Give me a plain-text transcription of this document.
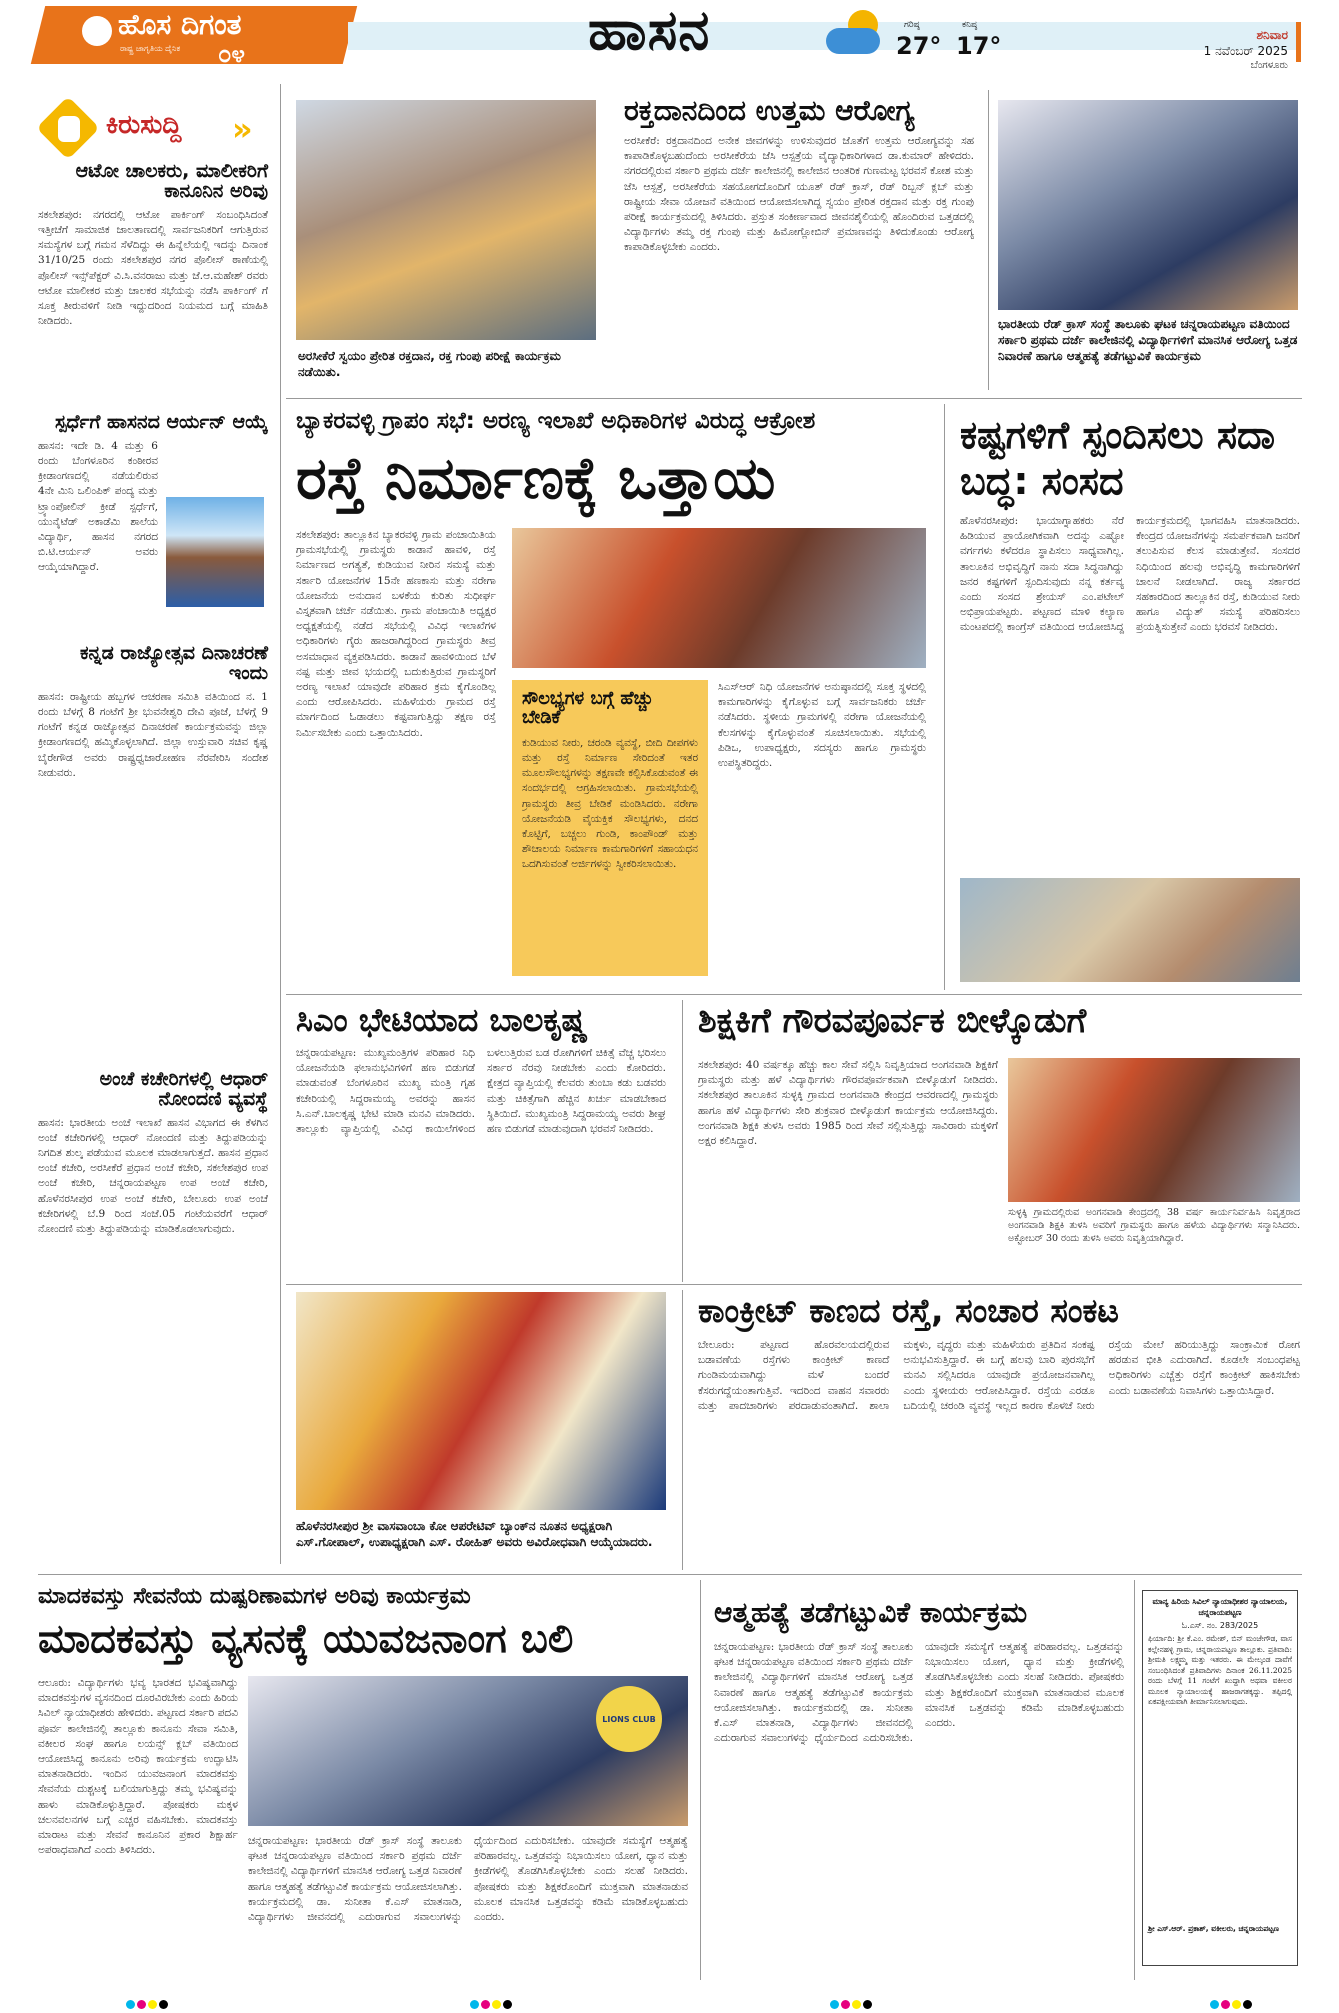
ಹೊಸ ದಿಗಂತ
ರಾಷ್ಟ್ರ ಜಾಗೃತಿಯ ದೈನಿಕ ೦೪	ಹಾಸನ	ಗರಿಷ್ಠ
27°
ಕನಿಷ್ಠ
17°	ಶನಿವಾರ
1 ನವೆಂಬರ್ 2025
ಬೆಂಗಳೂರು
ಕಿರುಸುದ್ದಿ »
ಆಟೋ ಚಾಲಕರು, ಮಾಲೀಕರಿಗೆ ಕಾನೂನಿನ ಅರಿವು
ಸಕಲೇಶಪುರ: ನಗರದಲ್ಲಿ ಆಟೋ ಪಾರ್ಕಿಂಗ್ ಸಂಬಂಧಿಸಿದಂತೆ ಇತ್ತೀಚೆಗೆ ಸಾಮಾಜಿಕ ಜಾಲತಾಣದಲ್ಲಿ ಸಾರ್ವಜನಿಕರಿಗೆ ಆಗುತ್ತಿರುವ ಸಮಸ್ಯೆಗಳ ಬಗ್ಗೆ ಗಮನ ಸೆಳೆದಿದ್ದು ಈ ಹಿನ್ನೆಲೆಯಲ್ಲಿ ಇದನ್ನು ದಿನಾಂಕ 31/10/25 ರಂದು ಸಕಲೇಶಪುರ ನಗರ ಪೊಲೀಸ್ ಠಾಣೆಯಲ್ಲಿ ಪೊಲೀಸ್ ಇನ್ಸ್‌ಪೆಕ್ಟರ್ ವಿ.ಸಿ.ವನರಾಜು ಮತ್ತು ಜೆ.ಆ.ಮಹೇಶ್ ರವರು ಆಟೋ ಮಾಲೀಕರ ಮತ್ತು ಚಾಲಕರ ಸಭೆಯನ್ನು ನಡೆಸಿ ಪಾರ್ಕಿಂಗ್ ಗೆ ಸೂಕ್ತ ತೀರುವಳಿಗೆ ನೀಡಿ ಇದ್ದುದರಿಂದ ನಿಯಮದ ಬಗ್ಗೆ ಮಾಹಿತಿ ನೀಡಿದರು.
ಸ್ಪರ್ಧೆಗೆ ಹಾಸನದ ಆರ್ಯನ್ ಆಯ್ಕೆ
ಹಾಸನ: ಇದೇ ಡಿ. 4 ಮತ್ತು 6 ರಂದು ಬೆಂಗಳೂರಿನ ಕಂಠೀರವ ಕ್ರೀಡಾಂಗಣದಲ್ಲಿ ನಡೆಯಲಿರುವ 4ನೇ ಮಿನಿ ಒಲಿಂಪಿಕ್ ಪಂದ್ಯ ಮತ್ತು ಟ್ರ್ಯಾಂಪೋಲಿನ್ ಕ್ರೀಡೆ ಸ್ಪರ್ಧೆಗೆ, ಯುನೈಟೆಡ್ ಅಕಾಡೆಮಿ ಶಾಲೆಯ ವಿದ್ಯಾರ್ಥಿ, ಹಾಸನ ನಗರದ ಬಿ.ಟಿ.ಆರ್ಯನ್ ಅವರು ಆಯ್ಕೆಯಾಗಿದ್ದಾರೆ.
ಕನ್ನಡ ರಾಜ್ಯೋತ್ಸವ ದಿನಾಚರಣೆ ಇಂದು
ಹಾಸನ: ರಾಷ್ಟ್ರೀಯ ಹಬ್ಬಗಳ ಆಚರಣಾ ಸಮಿತಿ ವತಿಯಿಂದ ನ. 1 ರಂದು ಬೆಳಗ್ಗೆ 8 ಗಂಟೆಗೆ ಶ್ರೀ ಭುವನೇಶ್ವರಿ ದೇವಿ ಪೂಜೆ, ಬೆಳಗ್ಗೆ 9 ಗಂಟೆಗೆ ಕನ್ನಡ ರಾಜ್ಯೋತ್ಸವ ದಿನಾಚರಣೆ ಕಾರ್ಯಕ್ರಮವನ್ನು ಜಿಲ್ಲಾ ಕ್ರೀಡಾಂಗಣದಲ್ಲಿ ಹಮ್ಮಿಕೊಳ್ಳಲಾಗಿದೆ. ಜಿಲ್ಲಾ ಉಸ್ತುವಾರಿ ಸಚಿವ ಕೃಷ್ಣ ಬೈರೇಗೌಡ ಅವರು ರಾಷ್ಟ್ರಧ್ವಜಾರೋಹಣ ನೆರವೇರಿಸಿ ಸಂದೇಶ ನೀಡುವರು.
ಅಂಚೆ ಕಚೇರಿಗಳಲ್ಲಿ ಆಧಾರ್ ನೋಂದಣಿ ವ್ಯವಸ್ಥೆ
ಹಾಸನ: ಭಾರತೀಯ ಅಂಚೆ ಇಲಾಖೆ ಹಾಸನ ವಿಭಾಗದ ಈ ಕೆಳಗಿನ ಅಂಚೆ ಕಚೇರಿಗಳಲ್ಲಿ ಆಧಾರ್ ನೋಂದಣಿ ಮತ್ತು ತಿದ್ದುಪಡಿಯನ್ನು ನಿಗದಿತ ಶುಲ್ಕ ಪಡೆಯುವ ಮೂಲಕ ಮಾಡಲಾಗುತ್ತದೆ. ಹಾಸನ ಪ್ರಧಾನ ಅಂಚೆ ಕಚೇರಿ, ಅರಸೀಕೆರೆ ಪ್ರಧಾನ ಅಂಚೆ ಕಚೇರಿ, ಸಕಲೇಶಪುರ ಉಪ ಅಂಚೆ ಕಚೇರಿ, ಚನ್ನರಾಯಪಟ್ಟಣ ಉಪ ಅಂಚೆ ಕಚೇರಿ, ಹೊಳೆನರಸೀಪುರ ಉಪ ಅಂಚೆ ಕಚೇರಿ, ಬೇಲೂರು ಉಪ ಅಂಚೆ ಕಚೇರಿಗಳಲ್ಲಿ ಬೆ.9 ರಿಂದ ಸಂಜೆ.05 ಗಂಟೆಯವರೆಗೆ ಆಧಾರ್ ನೋಂದಣಿ ಮತ್ತು ತಿದ್ದುಪಡಿಯನ್ನು ಮಾಡಿಕೊಡಲಾಗುವುದು.
ಅರಸೀಕೆರೆ ಸ್ವಯಂ ಪ್ರೇರಿತ ರಕ್ತದಾನ, ರಕ್ತ ಗುಂಪು ಪರೀಕ್ಷೆ ಕಾರ್ಯಕ್ರಮ ನಡೆಯಿತು.
ರಕ್ತದಾನದಿಂದ ಉತ್ತಮ ಆರೋಗ್ಯ
ಅರಸೀಕೆರೆ: ರಕ್ತದಾನದಿಂದ ಅನೇಕ ಜೀವಗಳನ್ನು ಉಳಿಸುವುದರ ಜೊತೆಗೆ ಉತ್ತಮ ಆರೋಗ್ಯವನ್ನು ಸಹ ಕಾಪಾಡಿಕೊಳ್ಳಬಹುದೆಂದು ಅರಸೀಕೆರೆಯ ಜೆಸಿ ಆಸ್ಪತ್ರೆಯ ವೈದ್ಯಾಧಿಕಾರಿಗಳಾದ ಡಾ.ಕುಮಾರ್ ಹೇಳಿದರು. ನಗರದಲ್ಲಿರುವ ಸರ್ಕಾರಿ ಪ್ರಥಮ ದರ್ಜೆ ಕಾಲೇಜಿನಲ್ಲಿ ಕಾಲೇಜಿನ ಆಂತರಿಕ ಗುಣಮಟ್ಟ ಭರವಸೆ ಕೋಶ ಮತ್ತು ಜೆಸಿ ಆಸ್ಪತ್ರೆ, ಅರಸೀಕೆರೆಯ ಸಹಯೋಗದೊಂದಿಗೆ ಯೂತ್ ರೆಡ್ ಕ್ರಾಸ್, ರೆಡ್ ರಿಬ್ಬನ್ ಕ್ಲಬ್ ಮತ್ತು ರಾಷ್ಟ್ರೀಯ ಸೇವಾ ಯೋಜನೆ ವತಿಯಿಂದ ಆಯೋಜಿಸಲಾಗಿದ್ದ ಸ್ವಯಂ ಪ್ರೇರಿತ ರಕ್ತದಾನ ಮತ್ತು ರಕ್ತ ಗುಂಪು ಪರೀಕ್ಷೆ ಕಾರ್ಯಕ್ರಮದಲ್ಲಿ ತಿಳಿಸಿದರು. ಪ್ರಸ್ತುತ ಸಂಕೀರ್ಣವಾದ ಜೀವನಶೈಲಿಯಲ್ಲಿ ಹೊಂದಿರುವ ಒತ್ತಡದಲ್ಲಿ ವಿದ್ಯಾರ್ಥಿಗಳು ತಮ್ಮ ರಕ್ತ ಗುಂಪು ಮತ್ತು ಹಿಮೋಗ್ಲೋಬಿನ್ ಪ್ರಮಾಣವನ್ನು ತಿಳಿದುಕೊಂಡು ಆರೋಗ್ಯ ಕಾಪಾಡಿಕೊಳ್ಳಬೇಕು ಎಂದರು.
ಭಾರತೀಯ ರೆಡ್ ಕ್ರಾಸ್ ಸಂಸ್ಥೆ ತಾಲೂಕು ಘಟಕ ಚನ್ನರಾಯಪಟ್ಟಣ ವತಿಯಿಂದ ಸರ್ಕಾರಿ ಪ್ರಥಮ ದರ್ಜೆ ಕಾಲೇಜಿನಲ್ಲಿ ವಿದ್ಯಾರ್ಥಿಗಳಿಗೆ ಮಾನಸಿಕ ಆರೋಗ್ಯ ಒತ್ತಡ ನಿವಾರಣೆ ಹಾಗೂ ಆತ್ಮಹತ್ಯೆ ತಡೆಗಟ್ಟುವಿಕೆ ಕಾರ್ಯಕ್ರಮ
ಬ್ಯಾಕರವಳ್ಳಿ ಗ್ರಾಪಂ ಸಭೆ: ಅರಣ್ಯ ಇಲಾಖೆ ಅಧಿಕಾರಿಗಳ ವಿರುದ್ಧ ಆಕ್ರೋಶ
ರಸ್ತೆ ನಿರ್ಮಾಣಕ್ಕೆ ಒತ್ತಾಯ
ಸಕಲೇಶಪುರ: ತಾಲ್ಲೂಕಿನ ಬ್ಯಾಕರವಳ್ಳಿ ಗ್ರಾಮ ಪಂಚಾಯಿತಿಯ ಗ್ರಾಮಸಭೆಯಲ್ಲಿ ಗ್ರಾಮಸ್ಥರು ಕಾಡಾನೆ ಹಾವಳಿ, ರಸ್ತೆ ನಿರ್ಮಾಣದ ಅಗತ್ಯತೆ, ಕುಡಿಯುವ ನೀರಿನ ಸಮಸ್ಯೆ ಮತ್ತು ಸರ್ಕಾರಿ ಯೋಜನೆಗಳ 15ನೇ ಹಣಕಾಸು ಮತ್ತು ನರೇಗಾ ಯೋಜನೆಯ ಅನುದಾನ ಬಳಕೆಯ ಕುರಿತು ಸುಧೀರ್ಘ ವಿಸ್ತೃತವಾಗಿ ಚರ್ಚೆ ನಡೆಯಿತು. ಗ್ರಾಮ ಪಂಚಾಯಿತಿ ಅಧ್ಯಕ್ಷರ ಅಧ್ಯಕ್ಷತೆಯಲ್ಲಿ ನಡೆದ ಸಭೆಯಲ್ಲಿ ವಿವಿಧ ಇಲಾಖೆಗಳ ಅಧಿಕಾರಿಗಳು ಗೈರು ಹಾಜರಾಗಿದ್ದರಿಂದ ಗ್ರಾಮಸ್ಥರು ತೀವ್ರ ಅಸಮಾಧಾನ ವ್ಯಕ್ತಪಡಿಸಿದರು. ಕಾಡಾನೆ ಹಾವಳಿಯಿಂದ ಬೆಳೆ ನಷ್ಟ ಮತ್ತು ಜೀವ ಭಯದಲ್ಲಿ ಬದುಕುತ್ತಿರುವ ಗ್ರಾಮಸ್ಥರಿಗೆ ಅರಣ್ಯ ಇಲಾಖೆ ಯಾವುದೇ ಪರಿಹಾರ ಕ್ರಮ ಕೈಗೊಂಡಿಲ್ಲ ಎಂದು ಆರೋಪಿಸಿದರು. ಮಹಿಳೆಯರು ಗ್ರಾಮದ ರಸ್ತೆ ಮಾರ್ಗದಿಂದ ಓಡಾಡಲು ಕಷ್ಟವಾಗುತ್ತಿದ್ದು ತಕ್ಷಣ ರಸ್ತೆ ನಿರ್ಮಿಸಬೇಕು ಎಂದು ಒತ್ತಾಯಿಸಿದರು.
ಸೌಲಭ್ಯಗಳ ಬಗ್ಗೆ ಹೆಚ್ಚು ಬೇಡಿಕೆ
ಕುಡಿಯುವ ನೀರು, ಚರಂಡಿ ವ್ಯವಸ್ಥೆ, ಬೀದಿ ದೀಪಗಳು ಮತ್ತು ರಸ್ತೆ ನಿರ್ಮಾಣ ಸೇರಿದಂತೆ ಇತರ ಮೂಲಸೌಲಭ್ಯಗಳನ್ನು ತಕ್ಷಣವೇ ಕಲ್ಪಿಸಿಕೊಡುವಂತೆ ಈ ಸಂದರ್ಭದಲ್ಲಿ ಆಗ್ರಹಿಸಲಾಯಿತು. ಗ್ರಾಮಸಭೆಯಲ್ಲಿ ಗ್ರಾಮಸ್ಥರು ತೀವ್ರ ಬೇಡಿಕೆ ಮಂಡಿಸಿದರು. ನರೇಗಾ ಯೋಜನೆಯಡಿ ವೈಯಕ್ತಿಕ ಸೌಲಭ್ಯಗಳು, ದನದ ಕೊಟ್ಟಿಗೆ, ಬಚ್ಚಲು ಗುಂಡಿ, ಕಾಂಪೌಂಡ್ ಮತ್ತು ಶೌಚಾಲಯ ನಿರ್ಮಾಣ ಕಾಮಗಾರಿಗಳಿಗೆ ಸಹಾಯಧನ ಒದಗಿಸುವಂತೆ ಅರ್ಜಿಗಳನ್ನು ಸ್ವೀಕರಿಸಲಾಯಿತು.
ಸಿಎಸ್ಆರ್ ನಿಧಿ ಯೋಜನೆಗಳ ಅನುಷ್ಠಾನದಲ್ಲಿ ಸೂಕ್ತ ಸ್ಥಳದಲ್ಲಿ ಕಾಮಗಾರಿಗಳನ್ನು ಕೈಗೊಳ್ಳುವ ಬಗ್ಗೆ ಸಾರ್ವಜನಿಕರು ಚರ್ಚೆ ನಡೆಸಿದರು. ಸ್ಥಳೀಯ ಗ್ರಾಮಗಳಲ್ಲಿ ನರೇಗಾ ಯೋಜನೆಯಲ್ಲಿ ಕೆಲಸಗಳನ್ನು ಕೈಗೊಳ್ಳುವಂತೆ ಸೂಚಿಸಲಾಯಿತು. ಸಭೆಯಲ್ಲಿ ಪಿಡಿಒ, ಉಪಾಧ್ಯಕ್ಷರು, ಸದಸ್ಯರು ಹಾಗೂ ಗ್ರಾಮಸ್ಥರು ಉಪಸ್ಥಿತರಿದ್ದರು.
ಕಷ್ಟಗಳಿಗೆ ಸ್ಪಂದಿಸಲು ಸದಾ ಬದ್ಧ: ಸಂಸದ
ಹೊಳೆನರಸೀಪುರ: ಭಾಯಾಗ್ನಾಹಕರು ನೆರೆ ಹಿಡಿಯುವ ಪ್ರಾಯೋಗಿಕವಾಗಿ ಅದನ್ನು ಎಷ್ಟೋ ವರ್ಗಗಳು ಕಳೆದರೂ ಸ್ಥಾಪಿಸಲು ಸಾಧ್ಯವಾಗಿಲ್ಲ. ತಾಲೂಕಿನ ಅಭಿವೃದ್ಧಿಗೆ ನಾನು ಸದಾ ಸಿದ್ಧನಾಗಿದ್ದು ಜನರ ಕಷ್ಟಗಳಿಗೆ ಸ್ಪಂದಿಸುವುದು ನನ್ನ ಕರ್ತವ್ಯ ಎಂದು ಸಂಸದ ಶ್ರೇಯಸ್ ಎಂ.ಪಟೇಲ್ ಅಭಿಪ್ರಾಯಪಟ್ಟರು. ಪಟ್ಟಣದ ಮಾಳಿ ಕಲ್ಯಾಣ ಮಂಟಪದಲ್ಲಿ ಕಾಂಗ್ರೆಸ್ ವತಿಯಿಂದ ಆಯೋಜಿಸಿದ್ದ ಕಾರ್ಯಕ್ರಮದಲ್ಲಿ ಭಾಗವಹಿಸಿ ಮಾತನಾಡಿದರು. ಕೇಂದ್ರದ ಯೋಜನೆಗಳನ್ನು ಸಮರ್ಪಕವಾಗಿ ಜನರಿಗೆ ತಲುಪಿಸುವ ಕೆಲಸ ಮಾಡುತ್ತೇನೆ. ಸಂಸದರ ನಿಧಿಯಿಂದ ಹಲವು ಅಭಿವೃದ್ಧಿ ಕಾಮಗಾರಿಗಳಿಗೆ ಚಾಲನೆ ನೀಡಲಾಗಿದೆ. ರಾಜ್ಯ ಸರ್ಕಾರದ ಸಹಕಾರದಿಂದ ತಾಲ್ಲೂಕಿನ ರಸ್ತೆ, ಕುಡಿಯುವ ನೀರು ಹಾಗೂ ವಿದ್ಯುತ್ ಸಮಸ್ಯೆ ಪರಿಹರಿಸಲು ಪ್ರಯತ್ನಿಸುತ್ತೇನೆ ಎಂದು ಭರವಸೆ ನೀಡಿದರು.
ಸಿಎಂ ಭೇಟಿಯಾದ ಬಾಲಕೃಷ್ಣ
ಚನ್ನರಾಯಪಟ್ಟಣ: ಮುಖ್ಯಮಂತ್ರಿಗಳ ಪರಿಹಾರ ನಿಧಿ ಯೋಜನೆಯಡಿ ಫಲಾನುಭವಿಗಳಿಗೆ ಹಣ ಬಿಡುಗಡೆ ಮಾಡುವಂತೆ ಬೆಂಗಳೂರಿನ ಮುಖ್ಯ ಮಂತ್ರಿ ಗೃಹ ಕಚೇರಿಯಲ್ಲಿ ಸಿದ್ದರಾಮಯ್ಯ ಅವರನ್ನು ಹಾಸನ ಸಿ.ಎನ್.ಬಾಲಕೃಷ್ಣ ಭೇಟಿ ಮಾಡಿ ಮನವಿ ಮಾಡಿದರು. ತಾಲ್ಲೂಕು ವ್ಯಾಪ್ತಿಯಲ್ಲಿ ವಿವಿಧ ಕಾಯಿಲೆಗಳಿಂದ ಬಳಲುತ್ತಿರುವ ಬಡ ರೋಗಿಗಳಿಗೆ ಚಿಕಿತ್ಸೆ ವೆಚ್ಚ ಭರಿಸಲು ಸರ್ಕಾರ ನೆರವು ನೀಡಬೇಕು ಎಂದು ಕೋರಿದರು. ಕ್ಷೇತ್ರದ ವ್ಯಾಪ್ತಿಯಲ್ಲಿ ಕೆಲವರು ತುಂಬಾ ಕಡು ಬಡವರು ಮತ್ತು ಚಿಕಿತ್ಸೆಗಾಗಿ ಹೆಚ್ಚಿನ ಖರ್ಚು ಮಾಡಬೇಕಾದ ಸ್ಥಿತಿಯಿದೆ. ಮುಖ್ಯಮಂತ್ರಿ ಸಿದ್ದರಾಮಯ್ಯ ಅವರು ಶೀಘ್ರ ಹಣ ಬಿಡುಗಡೆ ಮಾಡುವುದಾಗಿ ಭರವಸೆ ನೀಡಿದರು.
ಶಿಕ್ಷಕಿಗೆ ಗೌರವಪೂರ್ವಕ ಬೀಳ್ಕೊಡುಗೆ
ಸಕಲೇಶಪುರ: 40 ವರ್ಷಕ್ಕೂ ಹೆಚ್ಚು ಕಾಲ ಸೇವೆ ಸಲ್ಲಿಸಿ ನಿವೃತ್ತಿಯಾದ ಅಂಗನವಾಡಿ ಶಿಕ್ಷಕಿಗೆ ಗ್ರಾಮಸ್ಥರು ಮತ್ತು ಹಳೆ ವಿದ್ಯಾರ್ಥಿಗಳು ಗೌರವಪೂರ್ವಕವಾಗಿ ಬೀಳ್ಕೊಡುಗೆ ನೀಡಿದರು. ಸಕಲೇಶಪುರ ತಾಲೂಕಿನ ಸುಳ್ಳಕ್ಕಿ ಗ್ರಾಮದ ಅಂಗನವಾಡಿ ಕೇಂದ್ರದ ಆವರಣದಲ್ಲಿ ಗ್ರಾಮಸ್ಥರು ಹಾಗೂ ಹಳೆ ವಿದ್ಯಾರ್ಥಿಗಳು ಸೇರಿ ಶುಕ್ರವಾರ ಬೀಳ್ಕೊಡುಗೆ ಕಾರ್ಯಕ್ರಮ ಆಯೋಜಿಸಿದ್ದರು. ಅಂಗನವಾಡಿ ಶಿಕ್ಷಕಿ ತುಳಸಿ ಅವರು 1985 ರಿಂದ ಸೇವೆ ಸಲ್ಲಿಸುತ್ತಿದ್ದು ಸಾವಿರಾರು ಮಕ್ಕಳಿಗೆ ಅಕ್ಷರ ಕಲಿಸಿದ್ದಾರೆ.
ಸುಳ್ಳಕ್ಕಿ ಗ್ರಾಮದಲ್ಲಿರುವ ಅಂಗನವಾಡಿ ಕೇಂದ್ರದಲ್ಲಿ 38 ವರ್ಷ ಕಾರ್ಯನಿರ್ವಹಿಸಿ ನಿವೃತ್ತರಾದ ಅಂಗನವಾಡಿ ಶಿಕ್ಷಕಿ ತುಳಸಿ ಅವರಿಗೆ ಗ್ರಾಮಸ್ಥರು ಹಾಗೂ ಹಳೆಯ ವಿದ್ಯಾರ್ಥಿಗಳು ಸನ್ಮಾನಿಸಿದರು. ಅಕ್ಟೋಬರ್ 30 ರಂದು ತುಳಸಿ ಅವರು ನಿವೃತ್ತಿಯಾಗಿದ್ದಾರೆ.
ಹೊಳೆನರಸೀಪುರ ಶ್ರೀ ವಾಸವಾಂಬಾ ಕೋ ಆಪರೇಟಿವ್ ಬ್ಯಾಂಕ್‌ನ ನೂತನ ಅಧ್ಯಕ್ಷರಾಗಿ ಎಸ್.ಗೋಪಾಲ್, ಉಪಾಧ್ಯಕ್ಷರಾಗಿ ಎಸ್. ರೋಹಿತ್ ಅವರು ಅವಿರೋಧವಾಗಿ ಆಯ್ಕೆಯಾದರು.
ಕಾಂಕ್ರೀಟ್ ಕಾಣದ ರಸ್ತೆ, ಸಂಚಾರ ಸಂಕಟ
ಬೇಲೂರು: ಪಟ್ಟಣದ ಹೊರವಲಯದಲ್ಲಿರುವ ಬಡಾವಣೆಯ ರಸ್ತೆಗಳು ಕಾಂಕ್ರೀಟ್ ಕಾಣದೆ ಗುಂಡಿಮಯವಾಗಿದ್ದು ಮಳೆ ಬಂದರೆ ಕೆಸರುಗದ್ದೆಯಂತಾಗುತ್ತಿವೆ. ಇದರಿಂದ ವಾಹನ ಸವಾರರು ಮತ್ತು ಪಾದಚಾರಿಗಳು ಪರದಾಡುವಂತಾಗಿದೆ. ಶಾಲಾ ಮಕ್ಕಳು, ವೃದ್ಧರು ಮತ್ತು ಮಹಿಳೆಯರು ಪ್ರತಿದಿನ ಸಂಕಷ್ಟ ಅನುಭವಿಸುತ್ತಿದ್ದಾರೆ. ಈ ಬಗ್ಗೆ ಹಲವು ಬಾರಿ ಪುರಸಭೆಗೆ ಮನವಿ ಸಲ್ಲಿಸಿದರೂ ಯಾವುದೇ ಪ್ರಯೋಜನವಾಗಿಲ್ಲ ಎಂದು ಸ್ಥಳೀಯರು ಆರೋಪಿಸಿದ್ದಾರೆ. ರಸ್ತೆಯ ಎರಡೂ ಬದಿಯಲ್ಲಿ ಚರಂಡಿ ವ್ಯವಸ್ಥೆ ಇಲ್ಲದ ಕಾರಣ ಕೊಳಚೆ ನೀರು ರಸ್ತೆಯ ಮೇಲೆ ಹರಿಯುತ್ತಿದ್ದು ಸಾಂಕ್ರಾಮಿಕ ರೋಗ ಹರಡುವ ಭೀತಿ ಎದುರಾಗಿದೆ. ಕೂಡಲೇ ಸಂಬಂಧಪಟ್ಟ ಅಧಿಕಾರಿಗಳು ಎಚ್ಚೆತ್ತು ರಸ್ತೆಗೆ ಕಾಂಕ್ರೀಟ್ ಹಾಕಿಸಬೇಕು ಎಂದು ಬಡಾವಣೆಯ ನಿವಾಸಿಗಳು ಒತ್ತಾಯಿಸಿದ್ದಾರೆ.
ಮಾದಕವಸ್ತು ಸೇವನೆಯ ದುಷ್ಪರಿಣಾಮಗಳ ಅರಿವು ಕಾರ್ಯಕ್ರಮ
ಮಾದಕವಸ್ತು ವ್ಯಸನಕ್ಕೆ ಯುವಜನಾಂಗ ಬಲಿ
ಆಲೂರು: ವಿದ್ಯಾರ್ಥಿಗಳು ಭವ್ಯ ಭಾರತದ ಭವಿಷ್ಯವಾಗಿದ್ದು ಮಾದಕವಸ್ತುಗಳ ವ್ಯಸನದಿಂದ ದೂರವಿರಬೇಕು ಎಂದು ಹಿರಿಯ ಸಿವಿಲ್ ನ್ಯಾಯಾಧೀಶರು ಹೇಳಿದರು. ಪಟ್ಟಣದ ಸರ್ಕಾರಿ ಪದವಿ ಪೂರ್ವ ಕಾಲೇಜಿನಲ್ಲಿ ತಾಲ್ಲೂಕು ಕಾನೂನು ಸೇವಾ ಸಮಿತಿ, ವಕೀಲರ ಸಂಘ ಹಾಗೂ ಲಯನ್ಸ್ ಕ್ಲಬ್ ವತಿಯಿಂದ ಆಯೋಜಿಸಿದ್ದ ಕಾನೂನು ಅರಿವು ಕಾರ್ಯಕ್ರಮ ಉದ್ಘಾಟಿಸಿ ಮಾತನಾಡಿದರು. ಇಂದಿನ ಯುವಜನಾಂಗ ಮಾದಕವಸ್ತು ಸೇವನೆಯ ದುಶ್ಚಟಕ್ಕೆ ಬಲಿಯಾಗುತ್ತಿದ್ದು ತಮ್ಮ ಭವಿಷ್ಯವನ್ನು ಹಾಳು ಮಾಡಿಕೊಳ್ಳುತ್ತಿದ್ದಾರೆ. ಪೋಷಕರು ಮಕ್ಕಳ ಚಲನವಲನಗಳ ಬಗ್ಗೆ ಎಚ್ಚರ ವಹಿಸಬೇಕು. ಮಾದಕವಸ್ತು ಮಾರಾಟ ಮತ್ತು ಸೇವನೆ ಕಾನೂನಿನ ಪ್ರಕಾರ ಶಿಕ್ಷಾರ್ಹ ಅಪರಾಧವಾಗಿದೆ ಎಂದು ತಿಳಿಸಿದರು.
LIONS CLUB
ಚನ್ನರಾಯಪಟ್ಟಣ: ಭಾರತೀಯ ರೆಡ್ ಕ್ರಾಸ್ ಸಂಸ್ಥೆ ತಾಲೂಕು ಘಟಕ ಚನ್ನರಾಯಪಟ್ಟಣ ವತಿಯಿಂದ ಸರ್ಕಾರಿ ಪ್ರಥಮ ದರ್ಜೆ ಕಾಲೇಜಿನಲ್ಲಿ ವಿದ್ಯಾರ್ಥಿಗಳಿಗೆ ಮಾನಸಿಕ ಆರೋಗ್ಯ ಒತ್ತಡ ನಿವಾರಣೆ ಹಾಗೂ ಆತ್ಮಹತ್ಯೆ ತಡೆಗಟ್ಟುವಿಕೆ ಕಾರ್ಯಕ್ರಮ ಆಯೋಜಿಸಲಾಗಿತ್ತು. ಕಾರ್ಯಕ್ರಮದಲ್ಲಿ ಡಾ. ಸುನೀತಾ ಕೆ.ಎಸ್ ಮಾತನಾಡಿ, ವಿದ್ಯಾರ್ಥಿಗಳು ಜೀವನದಲ್ಲಿ ಎದುರಾಗುವ ಸವಾಲುಗಳನ್ನು ಧೈರ್ಯದಿಂದ ಎದುರಿಸಬೇಕು. ಯಾವುದೇ ಸಮಸ್ಯೆಗೆ ಆತ್ಮಹತ್ಯೆ ಪರಿಹಾರವಲ್ಲ. ಒತ್ತಡವನ್ನು ನಿಭಾಯಿಸಲು ಯೋಗ, ಧ್ಯಾನ ಮತ್ತು ಕ್ರೀಡೆಗಳಲ್ಲಿ ತೊಡಗಿಸಿಕೊಳ್ಳಬೇಕು ಎಂದು ಸಲಹೆ ನೀಡಿದರು. ಪೋಷಕರು ಮತ್ತು ಶಿಕ್ಷಕರೊಂದಿಗೆ ಮುಕ್ತವಾಗಿ ಮಾತನಾಡುವ ಮೂಲಕ ಮಾನಸಿಕ ಒತ್ತಡವನ್ನು ಕಡಿಮೆ ಮಾಡಿಕೊಳ್ಳಬಹುದು ಎಂದರು.
ಆತ್ಮಹತ್ಯೆ ತಡೆಗಟ್ಟುವಿಕೆ ಕಾರ್ಯಕ್ರಮ
ಚನ್ನರಾಯಪಟ್ಟಣ: ಭಾರತೀಯ ರೆಡ್ ಕ್ರಾಸ್ ಸಂಸ್ಥೆ ತಾಲೂಕು ಘಟಕ ಚನ್ನರಾಯಪಟ್ಟಣ ವತಿಯಿಂದ ಸರ್ಕಾರಿ ಪ್ರಥಮ ದರ್ಜೆ ಕಾಲೇಜಿನಲ್ಲಿ ವಿದ್ಯಾರ್ಥಿಗಳಿಗೆ ಮಾನಸಿಕ ಆರೋಗ್ಯ ಒತ್ತಡ ನಿವಾರಣೆ ಹಾಗೂ ಆತ್ಮಹತ್ಯೆ ತಡೆಗಟ್ಟುವಿಕೆ ಕಾರ್ಯಕ್ರಮ ಆಯೋಜಿಸಲಾಗಿತ್ತು. ಕಾರ್ಯಕ್ರಮದಲ್ಲಿ ಡಾ. ಸುನೀತಾ ಕೆ.ಎಸ್ ಮಾತನಾಡಿ, ವಿದ್ಯಾರ್ಥಿಗಳು ಜೀವನದಲ್ಲಿ ಎದುರಾಗುವ ಸವಾಲುಗಳನ್ನು ಧೈರ್ಯದಿಂದ ಎದುರಿಸಬೇಕು. ಯಾವುದೇ ಸಮಸ್ಯೆಗೆ ಆತ್ಮಹತ್ಯೆ ಪರಿಹಾರವಲ್ಲ. ಒತ್ತಡವನ್ನು ನಿಭಾಯಿಸಲು ಯೋಗ, ಧ್ಯಾನ ಮತ್ತು ಕ್ರೀಡೆಗಳಲ್ಲಿ ತೊಡಗಿಸಿಕೊಳ್ಳಬೇಕು ಎಂದು ಸಲಹೆ ನೀಡಿದರು. ಪೋಷಕರು ಮತ್ತು ಶಿಕ್ಷಕರೊಂದಿಗೆ ಮುಕ್ತವಾಗಿ ಮಾತನಾಡುವ ಮೂಲಕ ಮಾನಸಿಕ ಒತ್ತಡವನ್ನು ಕಡಿಮೆ ಮಾಡಿಕೊಳ್ಳಬಹುದು ಎಂದರು.
ಮಾನ್ಯ ಹಿರಿಯ ಸಿವಿಲ್ ನ್ಯಾಯಾಧೀಶರ ನ್ಯಾಯಾಲಯ, ಚನ್ನರಾಯಪಟ್ಟಣ
ಓ.ಎಸ್. ನಂ. 283/2025
ಫಿರ್ಯಾದಿ: ಶ್ರೀ ಕೆ.ಎಂ. ರಮೇಶ್, ಬಿನ್ ಮಂಜೇಗೌಡ, ವಾಸ ಕಲ್ಲೇನಹಳ್ಳಿ ಗ್ರಾಮ, ಚನ್ನರಾಯಪಟ್ಟಣ ತಾಲ್ಲೂಕು. ಪ್ರತಿವಾದಿ: ಶ್ರೀಮತಿ ಲಕ್ಷ್ಮಮ್ಮ ಮತ್ತು ಇತರರು. ಈ ಮೇಲ್ಕಂಡ ದಾವೆಗೆ ಸಂಬಂಧಿಸಿದಂತೆ ಪ್ರತಿವಾದಿಗಳು ದಿನಾಂಕ 26.11.2025 ರಂದು ಬೆಳಗ್ಗೆ 11 ಗಂಟೆಗೆ ಖುದ್ದಾಗಿ ಅಥವಾ ವಕೀಲರ ಮೂಲಕ ನ್ಯಾಯಾಲಯಕ್ಕೆ ಹಾಜರಾಗತಕ್ಕದ್ದು. ತಪ್ಪಿದಲ್ಲಿ ಏಕಪಕ್ಷೀಯವಾಗಿ ತೀರ್ಮಾನಿಸಲಾಗುವುದು.
ಶ್ರೀ ಎಸ್.ಆರ್. ಪ್ರಕಾಶ್, ವಕೀಲರು, ಚನ್ನರಾಯಪಟ್ಟಣ
